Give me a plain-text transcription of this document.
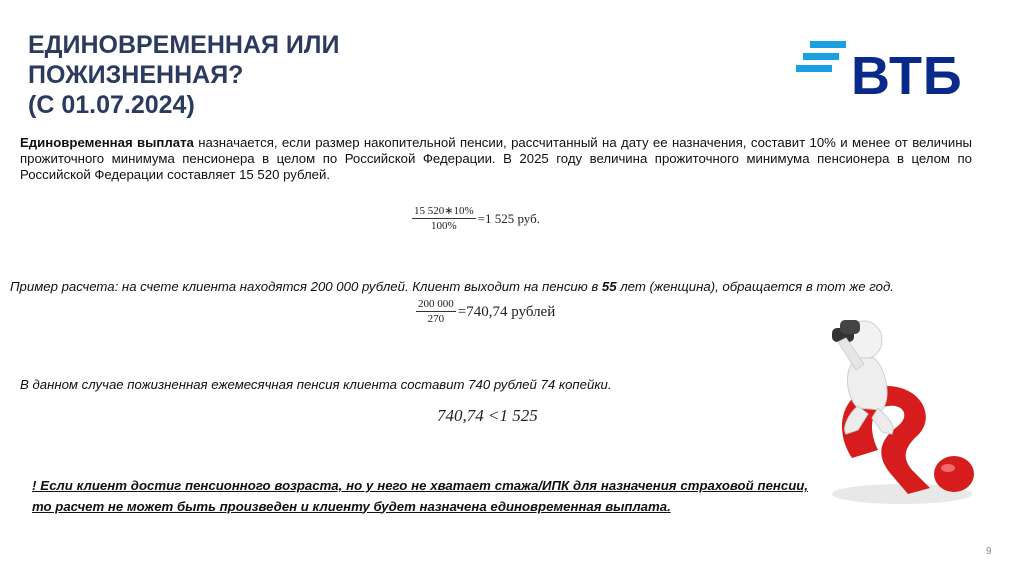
ЕДИНОВРЕМЕННАЯ ИЛИ
ПОЖИЗНЕННАЯ?
(С 01.07.2024)	ВТБ
Единовременная выплата назначается, если размер накопительной пенсии, рассчитанный на дату ее назначения, составит 10% и менее от величины прожиточного минимума пенсионера в целом по Российской Федерации. В 2025 году величина прожиточного минимума пенсионера в целом по Российской Федерации составляет 15 520 рублей.
$\frac{15 520∗10\%}{100\%} =1$ 525 руб.
Пример расчета: на счете клиента находятся 200 000 рублей. Клиент выходит на пенсию в 55 лет (женщина), обращается в тот же год.
$\frac{200 000}{270} =740,74$ рублей
В данном случае пожизненная ежемесячная пенсия клиента составит 740 рублей 74 копейки.
740,74 <1 525
! Если клиент достиг пенсионного возраста, но у него не хватает стажа/ИПК для назначения страховой пенсии, то расчет не может быть произведен и клиенту будет назначена единовременная выплата.
9
